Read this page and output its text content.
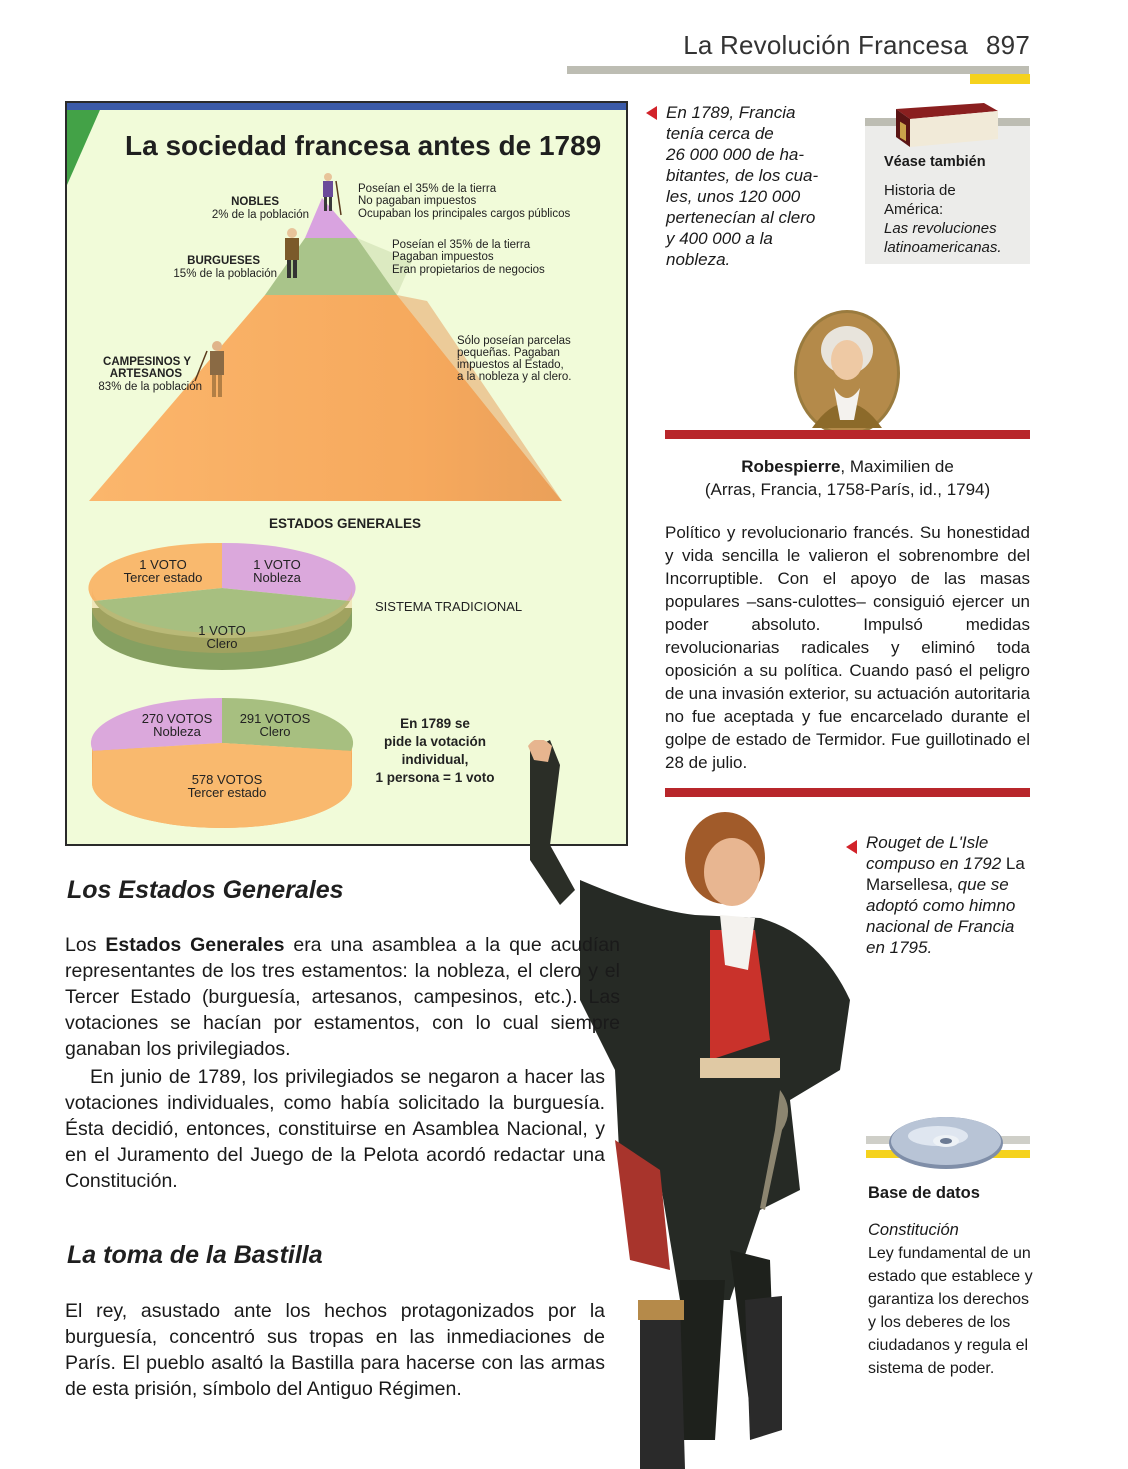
La Revolución Francesa 897
La sociedad francesa antes de 1789
NOBLES
2% de la población
Poseían el 35% de la tierra
No pagaban impuestos
Ocupaban los principales cargos públicos
BURGUESES
15% de la población
Poseían el 35% de la tierra
Pagaban impuestos
Eran propietarios de negocios
CAMPESINOS Y
ARTESANOS
83% de la población
Sólo poseían parcelas
pequeñas. Pagaban
impuestos al Estado,
a la nobleza y al clero.
ESTADOS GENERALES
1 VOTO
Tercer estado
1 VOTO
Nobleza
1 VOTO
Clero
SISTEMA TRADICIONAL
270 VOTOS
Nobleza
291 VOTOS
Clero
578 VOTOS
Tercer estado
En 1789 se
pide la votación
individual,
1 persona = 1 voto
En 1789, Francia
tenía cerca de
26 000 000 de ha-
bitantes, de los cua-
les, unos 120 000
pertenecían al clero
y 400 000 a la
nobleza.
Véase también
Historia de
América:
Las revoluciones latinoamericanas.
Robespierre, Maximilien de
(Arras, Francia, 1758-París, id., 1794)
Político y revolucionario francés. Su honestidad y vida sencilla le valieron el sobrenombre del Incorruptible. Con el apoyo de las masas populares –sans-culottes– consiguió ejercer un poder absoluto. Impulsó medidas revolucionarias radicales y eliminó toda oposición a su política. Cuando pasó el peligro de una invasión exterior, su actuación autoritaria no fue aceptada y fue encarcelado durante el golpe de estado de Termidor. Fue guillotinado el 28 de julio.
Rouget de L'Isle compuso en 1792 La Marsellesa, que se adoptó como himno nacional de Francia en 1795.
Los Estados Generales
Los Estados Generales era una asamblea a la que acudían representantes de los tres estamentos: la nobleza, el clero y el Tercer Estado (burguesía, artesanos, campesinos, etc.). Las votaciones se hacían por estamentos, con lo cual siempre ganaban los privilegiados.
En junio de 1789, los privilegiados se negaron a hacer las votaciones individuales, como había solicitado la burguesía. Ésta decidió, entonces, constituirse en Asamblea Nacional, y en el Juramento del Juego de la Pelota acordó redactar una Constitución.
La toma de la Bastilla
El rey, asustado ante los hechos protagonizados por la burguesía, concentró sus tropas en las inmediaciones de París. El pueblo asaltó la Bastilla para hacerse con las armas de esta prisión, símbolo del Antiguo Régimen.
Base de datos
Constitución
Ley fundamental de un estado que establece y garantiza los derechos y los deberes de los ciudadanos y regula el sistema de poder.
